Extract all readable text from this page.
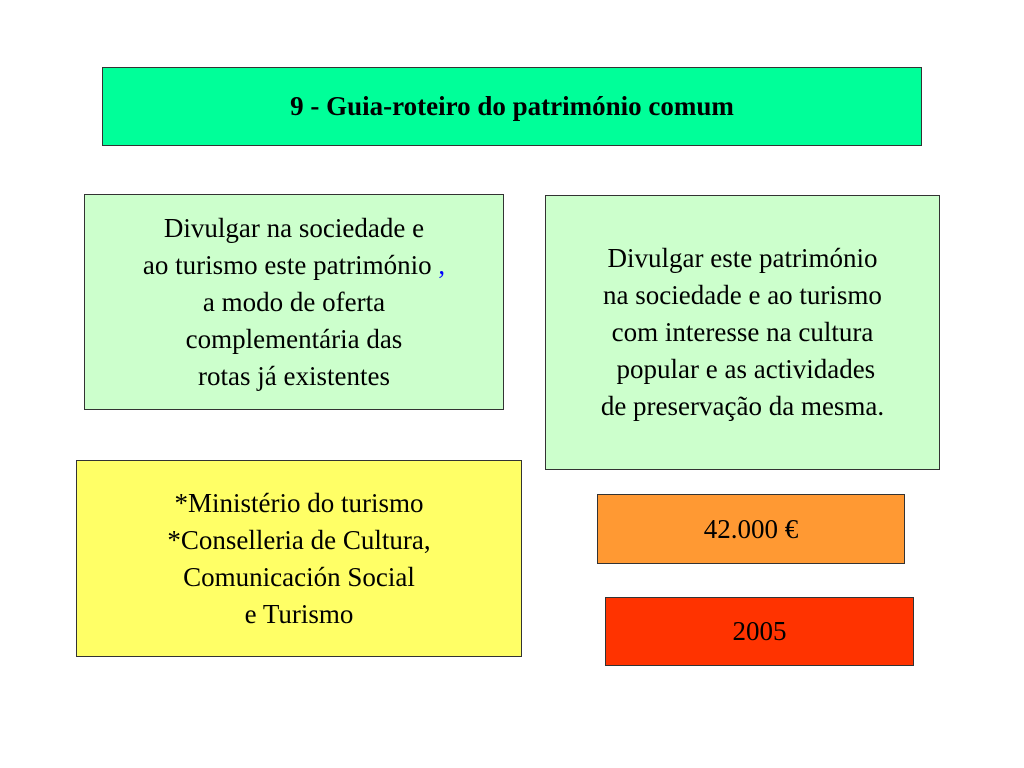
9 - Guia-roteiro do património comum
Divulgar na sociedade e
ao turismo este património ,
a modo de oferta
complementária das
rotas já existentes
Divulgar este património
na sociedade e ao turismo
com interesse na cultura
popular e as actividades
de preservação da mesma.
*Ministério do turismo
*Conselleria de Cultura,
Comunicación Social
e Turismo
42.000 €
2005
